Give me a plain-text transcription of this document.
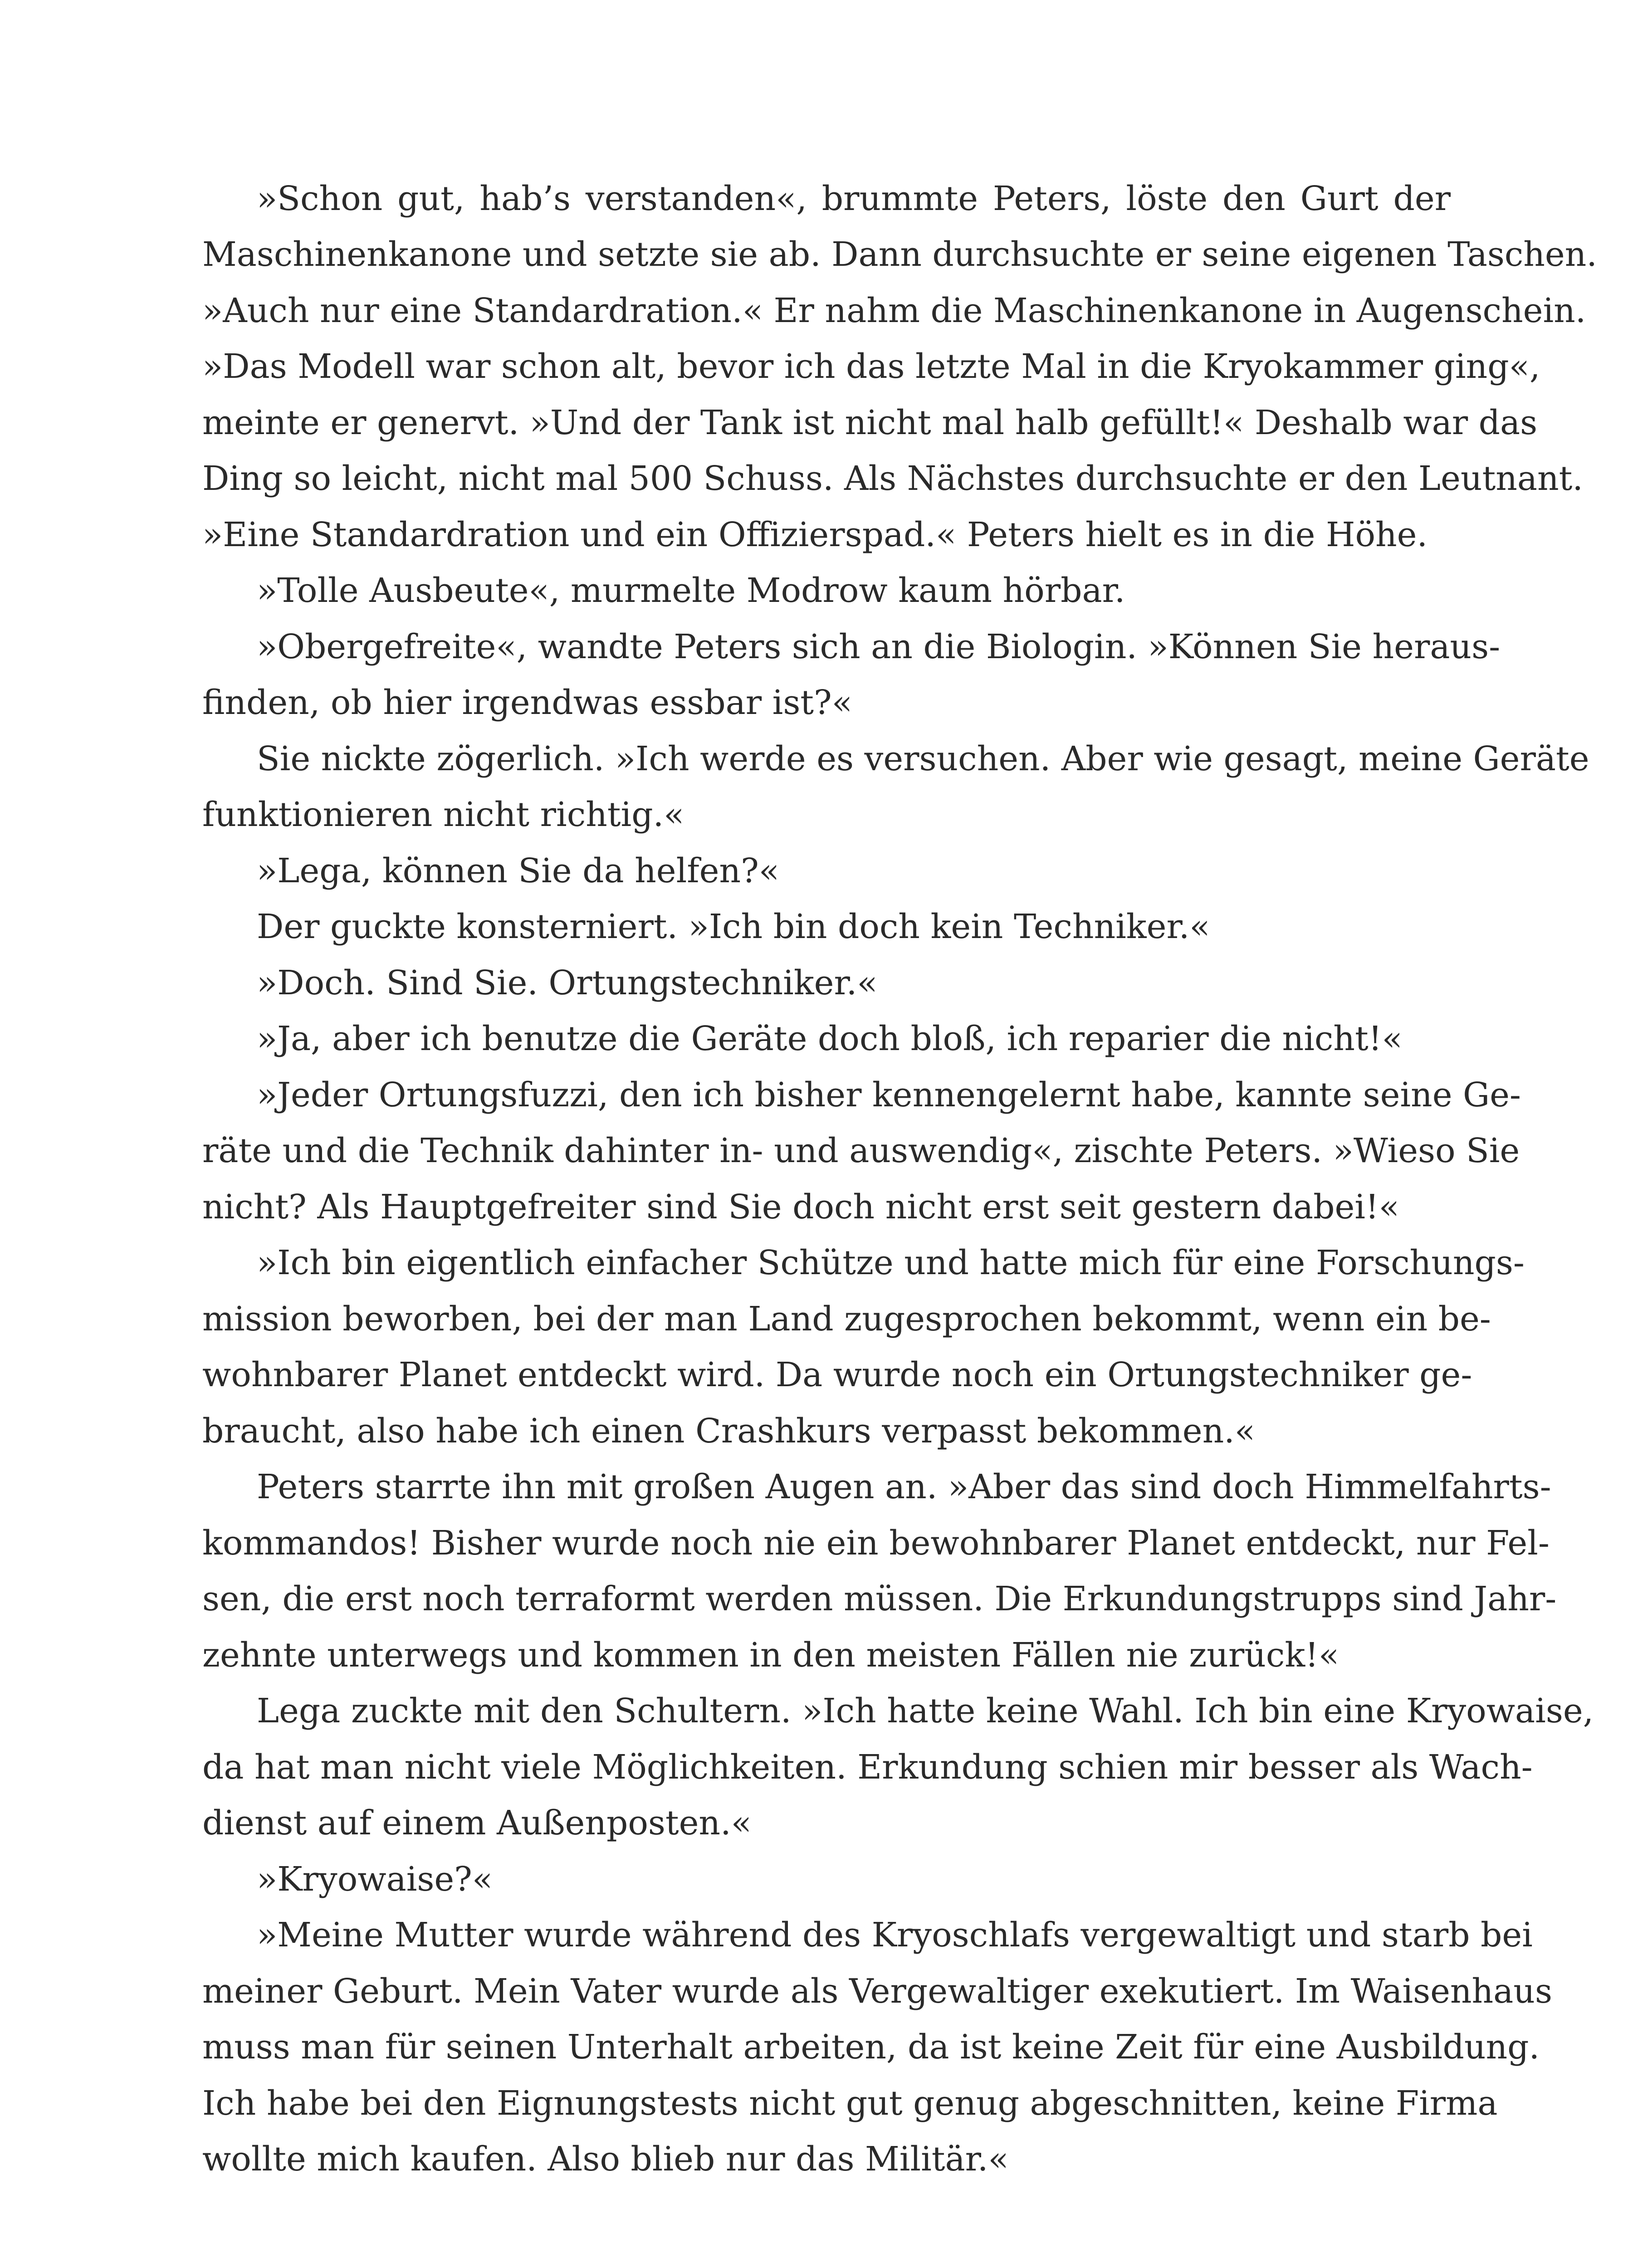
»Schon gut, hab’s verstanden«, brummte Peters, löste den Gurt der
Maschinenkanone und setzte sie ab. Dann durchsuchte er seine eigenen Taschen.
»Auch nur eine Standardration.« Er nahm die Maschinenkanone in Augenschein.
»Das Modell war schon alt, bevor ich das letzte Mal in die Kryokammer ging«,
meinte er genervt. »Und der Tank ist nicht mal halb gefüllt!« Deshalb war das
Ding so leicht, nicht mal 500 Schuss. Als Nächstes durchsuchte er den Leutnant.
»Eine Standardration und ein Offizierspad.« Peters hielt es in die Höhe.
»Tolle Ausbeute«, murmelte Modrow kaum hörbar.
»Obergefreite«, wandte Peters sich an die Biologin. »Können Sie heraus-
finden, ob hier irgendwas essbar ist?«
Sie nickte zögerlich. »Ich werde es versuchen. Aber wie gesagt, meine Geräte
funktionieren nicht richtig.«
»Lega, können Sie da helfen?«
Der guckte konsterniert. »Ich bin doch kein Techniker.«
»Doch. Sind Sie. Ortungstechniker.«
»Ja, aber ich benutze die Geräte doch bloß, ich reparier die nicht!«
»Jeder Ortungsfuzzi, den ich bisher kennengelernt habe, kannte seine Ge-
räte und die Technik dahinter in- und auswendig«, zischte Peters. »Wieso Sie
nicht? Als Hauptgefreiter sind Sie doch nicht erst seit gestern dabei!«
»Ich bin eigentlich einfacher Schütze und hatte mich für eine Forschungs-
mission beworben, bei der man Land zugesprochen bekommt, wenn ein be-
wohnbarer Planet entdeckt wird. Da wurde noch ein Ortungstechniker ge-
braucht, also habe ich einen Crashkurs verpasst bekommen.«
Peters starrte ihn mit großen Augen an. »Aber das sind doch Himmelfahrts-
kommandos! Bisher wurde noch nie ein bewohnbarer Planet entdeckt, nur Fel-
sen, die erst noch terraformt werden müssen. Die Erkundungstrupps sind Jahr-
zehnte unterwegs und kommen in den meisten Fällen nie zurück!«
Lega zuckte mit den Schultern. »Ich hatte keine Wahl. Ich bin eine Kryowaise,
da hat man nicht viele Möglichkeiten. Erkundung schien mir besser als Wach-
dienst auf einem Außenposten.«
»Kryowaise?«
»Meine Mutter wurde während des Kryoschlafs vergewaltigt und starb bei
meiner Geburt. Mein Vater wurde als Vergewaltiger exekutiert. Im Waisenhaus
muss man für seinen Unterhalt arbeiten, da ist keine Zeit für eine Ausbildung.
Ich habe bei den Eignungstests nicht gut genug abgeschnitten, keine Firma
wollte mich kaufen. Also blieb nur das Militär.«
